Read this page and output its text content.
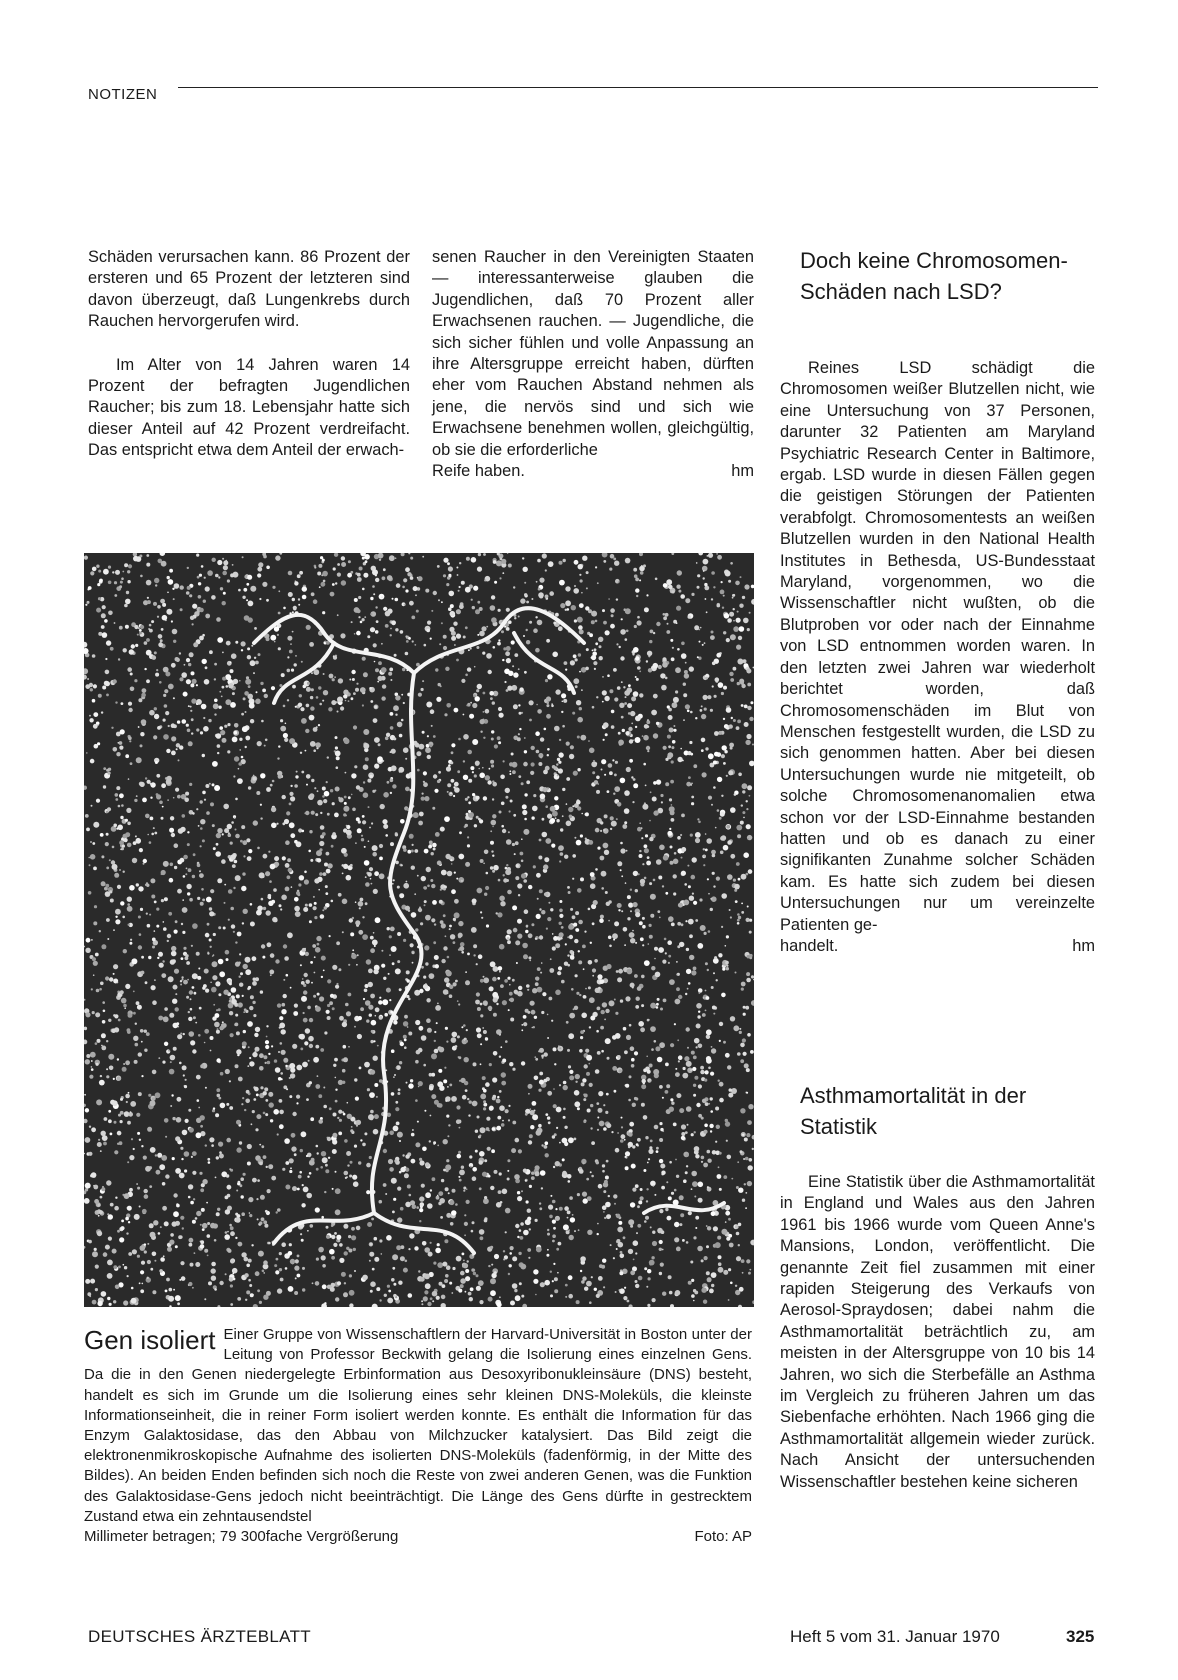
NOTIZEN

Schäden verursachen kann. 86 Prozent der ersteren und 65 Prozent der letzteren sind davon überzeugt, daß Lungenkrebs durch Rauchen hervorgerufen wird.

Im Alter von 14 Jahren waren 14 Prozent der befragten Jugendlichen Raucher; bis zum 18. Lebensjahr hatte sich dieser Anteil auf 42 Prozent verdreifacht. Das entspricht etwa dem Anteil der erwach-

senen Raucher in den Vereinigten Staaten — interessanterweise glauben die Jugendlichen, daß 70 Prozent aller Erwachsenen rauchen. — Jugendliche, die sich sicher fühlen und volle Anpassung an ihre Altersgruppe erreicht haben, dürften eher vom Rauchen Abstand nehmen als jene, die nervös sind und sich wie Erwachsene benehmen wollen, gleichgültig, ob sie die erforderliche

Reife haben.	hm
Doch keine Chromosomen-Schäden nach LSD?

Reines LSD schädigt die Chromosomen weißer Blutzellen nicht, wie eine Untersuchung von 37 Personen, darunter 32 Patienten am Maryland Psychiatric Research Center in Baltimore, ergab. LSD wurde in diesen Fällen gegen die geistigen Störungen der Patienten verabfolgt. Chromosomentests an weißen Blutzellen wurden in den National Health Institutes in Bethesda, US-Bundesstaat Maryland, vorgenommen, wo die Wissenschaftler nicht wußten, ob die Blutproben vor oder nach der Einnahme von LSD entnommen worden waren. In den letzten zwei Jahren war wiederholt berichtet worden, daß Chromosomenschäden im Blut von Menschen festgestellt wurden, die LSD zu sich genommen hatten. Aber bei diesen Untersuchungen wurde nie mitgeteilt, ob solche Chromosomenanomalien etwa schon vor der LSD-Einnahme bestanden hatten und ob es danach zu einer signifikanten Zunahme solcher Schäden kam. Es hatte sich zudem bei diesen Untersuchungen nur um vereinzelte Patienten ge-

handelt.	hm
Asthmamortalität in der Statistik

Eine Statistik über die Asthmamortalität in England und Wales aus den Jahren 1961 bis 1966 wurde vom Queen Anne's Mansions, London, veröffentlicht. Die genannte Zeit fiel zusammen mit einer rapiden Steigerung des Verkaufs von Aerosol-Spraydosen; dabei nahm die Asthmamortalität beträchtlich zu, am meisten in der Altersgruppe von 10 bis 14 Jahren, wo sich die Sterbefälle an Asthma im Vergleich zu früheren Jahren um das Siebenfache erhöhten. Nach 1966 ging die Asthmamortalität allgemein wieder zurück. Nach Ansicht der untersuchenden Wissenschaftler bestehen keine sicheren

Gen isoliert Einer Gruppe von Wissenschaftlern der Harvard-Universität in Boston unter der Leitung von Professor Beckwith gelang die Isolierung eines einzelnen Gens. Da die in den Genen niedergelegte Erbinformation aus Desoxyribonukleinsäure (DNS) besteht, handelt es sich im Grunde um die Isolierung eines sehr kleinen DNS-Moleküls, die kleinste Informationseinheit, die in reiner Form isoliert werden konnte. Es enthält die Information für das Enzym Galaktosidase, das den Abbau von Milchzucker katalysiert. Das Bild zeigt die elektronenmikroskopische Aufnahme des isolierten DNS-Moleküls (fadenförmig, in der Mitte des Bildes). An beiden Enden befinden sich noch die Reste von zwei anderen Genen, was die Funktion des Galaktosidase-Gens jedoch nicht beeinträchtigt. Die Länge des Gens dürfte in gestrecktem Zustand etwa ein zehntausendstel
Millimeter betragen; 79 300fache Vergrößerung	Foto: AP
DEUTSCHES ÄRZTEBLATT	Heft 5 vom 31. Januar 1970	325
